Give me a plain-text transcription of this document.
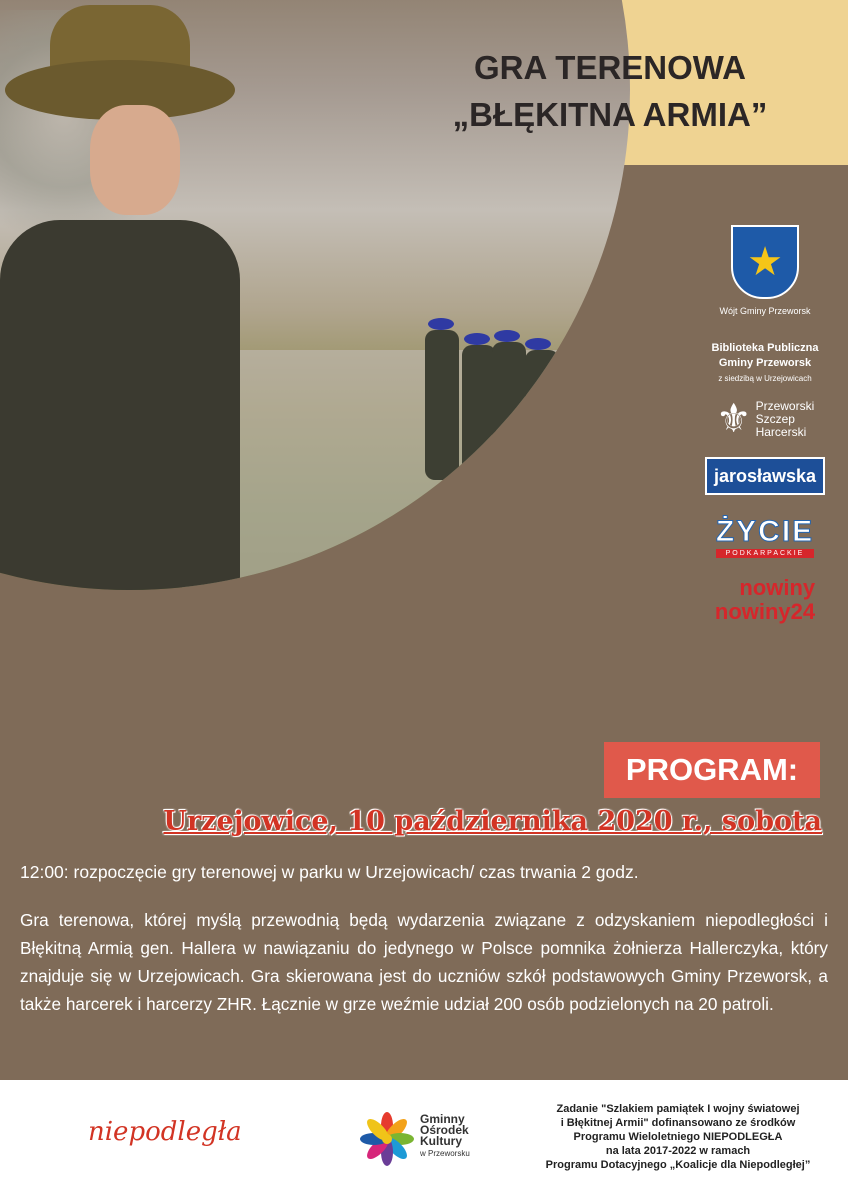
GRA TERENOWA
„BŁĘKITNA ARMIA”
★
Wójt Gminy Przeworsk
Biblioteka Publiczna
Gminy Przeworsk
z siedzibą w Urzejowicach
⚜ Przeworski
Szczep
Harcerski
jarosławska
ŻYCIE
PODKARPACKIE
nowiny
nowiny24
PROGRAM:
Urzejowice, 10 października 2020 r., sobota
12:00: rozpoczęcie gry terenowej w parku w Urzejowicach/ czas trwania 2 godz.
Gra terenowa, której myślą przewodnią będą wydarzenia związane z odzyskaniem niepodległości i Błękitną Armią gen. Hallera w nawiązaniu do jedynego w Polsce pomnika żołnierza Hallerczyka, który znajduje się w Urzejowicach. Gra skierowana jest do uczniów szkół podstawowych Gminy Przeworsk, a także harcerek i harcerzy ZHR. Łącznie w grze weźmie udział 200 osób podzielonych na 20 patroli.
niepodległa	Gminny
Ośrodek
Kultury
w Przeworsku
Zadanie "Szlakiem pamiątek I wojny światowej
i Błękitnej Armii" dofinansowano ze środków
Programu Wieloletniego NIEPODLEGŁA
na lata 2017-2022 w ramach
Programu Dotacyjnego „Koalicje dla Niepodległej”
